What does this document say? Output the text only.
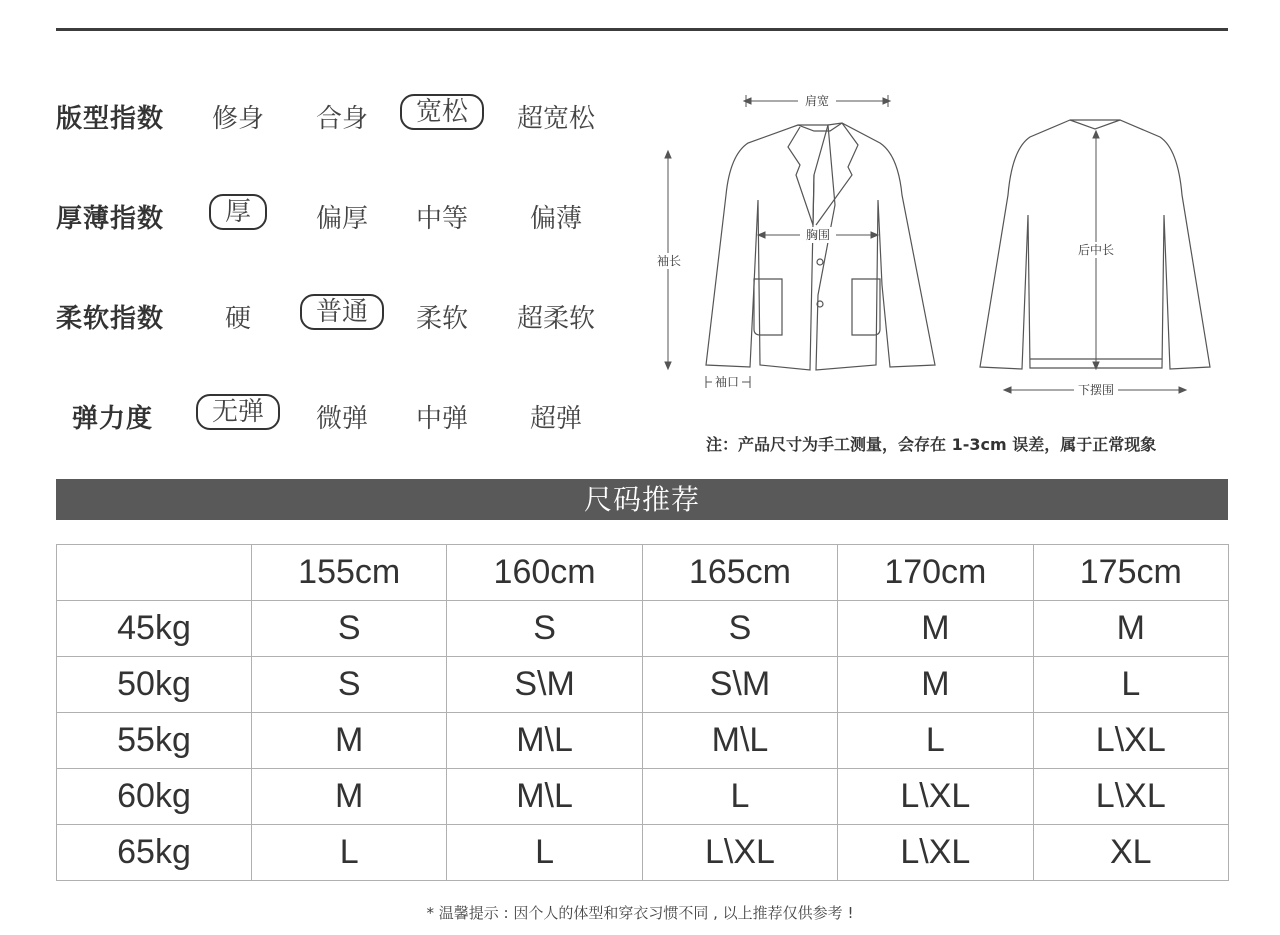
版型指数 修身 合身	宽松	超宽松
厚薄指数	厚	偏厚 中等 偏薄
柔软指数 硬	普通	柔软 超柔软
弹力度	无弹	微弹 中弹 超弹
肩宽
胸围
袖长
袖口
后中长
下摆围
注：产品尺寸为手工测量，会存在 1-3cm 误差，属于正常现象
尺码推荐
	155cm	160cm	165cm	170cm	175cm
45kg	S	S	S	M	M
50kg	S	S\M	S\M	M	L
55kg	M	M\L	M\L	L	L\XL
60kg	M	M\L	L	L\XL	L\XL
65kg	L	L	L\XL	L\XL	XL
* 温馨提示 : 因个人的体型和穿衣习惯不同 , 以上推荐仅供参考 !
